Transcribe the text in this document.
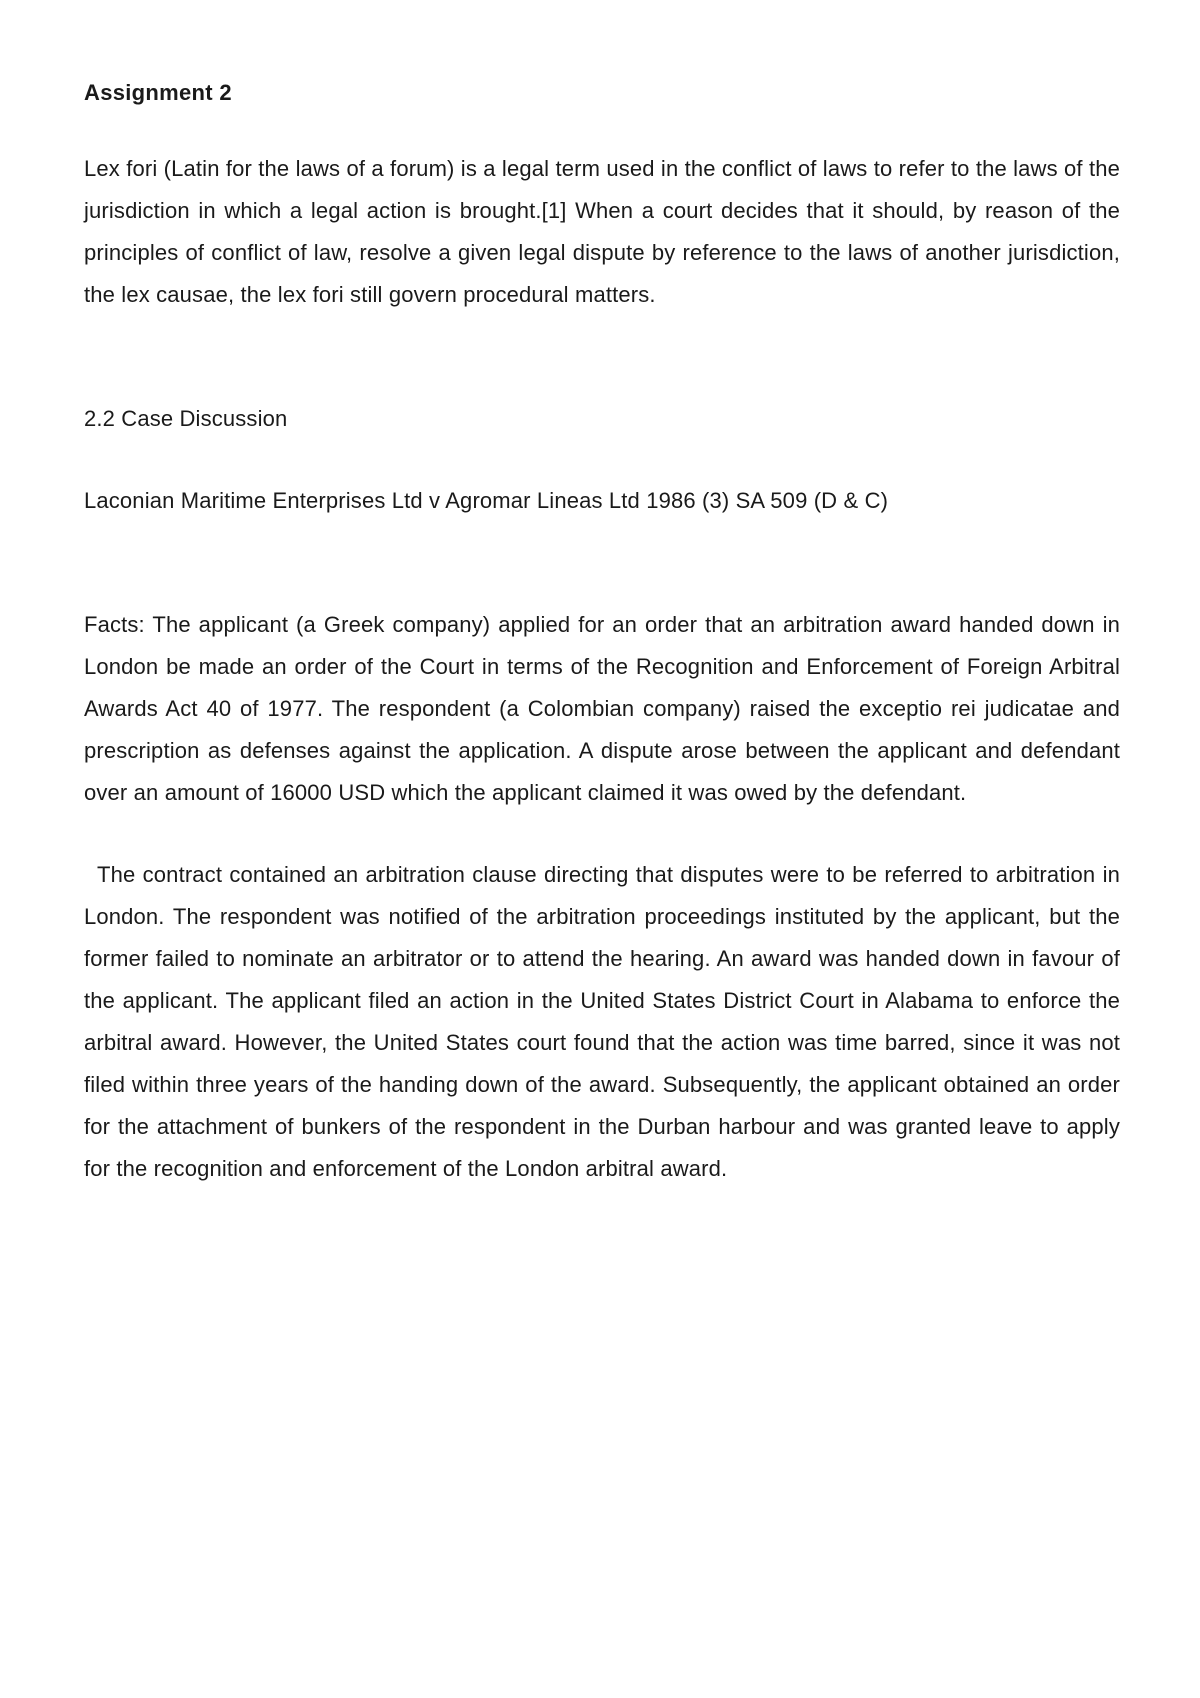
Assignment 2

Lex fori (Latin for the laws of a forum) is a legal term used in the conflict of laws to refer to the laws of the jurisdiction in which a legal action is brought.[1] When a court decides that it should, by reason of the principles of conflict of law, resolve a given legal dispute by reference to the laws of another jurisdiction, the lex causae, the lex fori still govern procedural matters.

2.2 Case Discussion

Laconian Maritime Enterprises Ltd v Agromar Lineas Ltd 1986 (3) SA 509 (D & C)

Facts: The applicant (a Greek company) applied for an order that an arbitration award handed down in London be made an order of the Court in terms of the Recognition and Enforcement of Foreign Arbitral Awards Act 40 of 1977. The respondent (a Colombian company) raised the exceptio rei judicatae and prescription as defenses against the application. A dispute arose between the applicant and defendant over an amount of 16000 USD which the applicant claimed it was owed by the defendant.

The contract contained an arbitration clause directing that disputes were to be referred to arbitration in London. The respondent was notified of the arbitration proceedings instituted by the applicant, but the former failed to nominate an arbitrator or to attend the hearing. An award was handed down in favour of the applicant. The applicant filed an action in the United States District Court in Alabama to enforce the arbitral award. However, the United States court found that the action was time barred, since it was not filed within three years of the handing down of the award. Subsequently, the applicant obtained an order for the attachment of bunkers of the respondent in the Durban harbour and was granted leave to apply for the recognition and enforcement of the London arbitral award.
